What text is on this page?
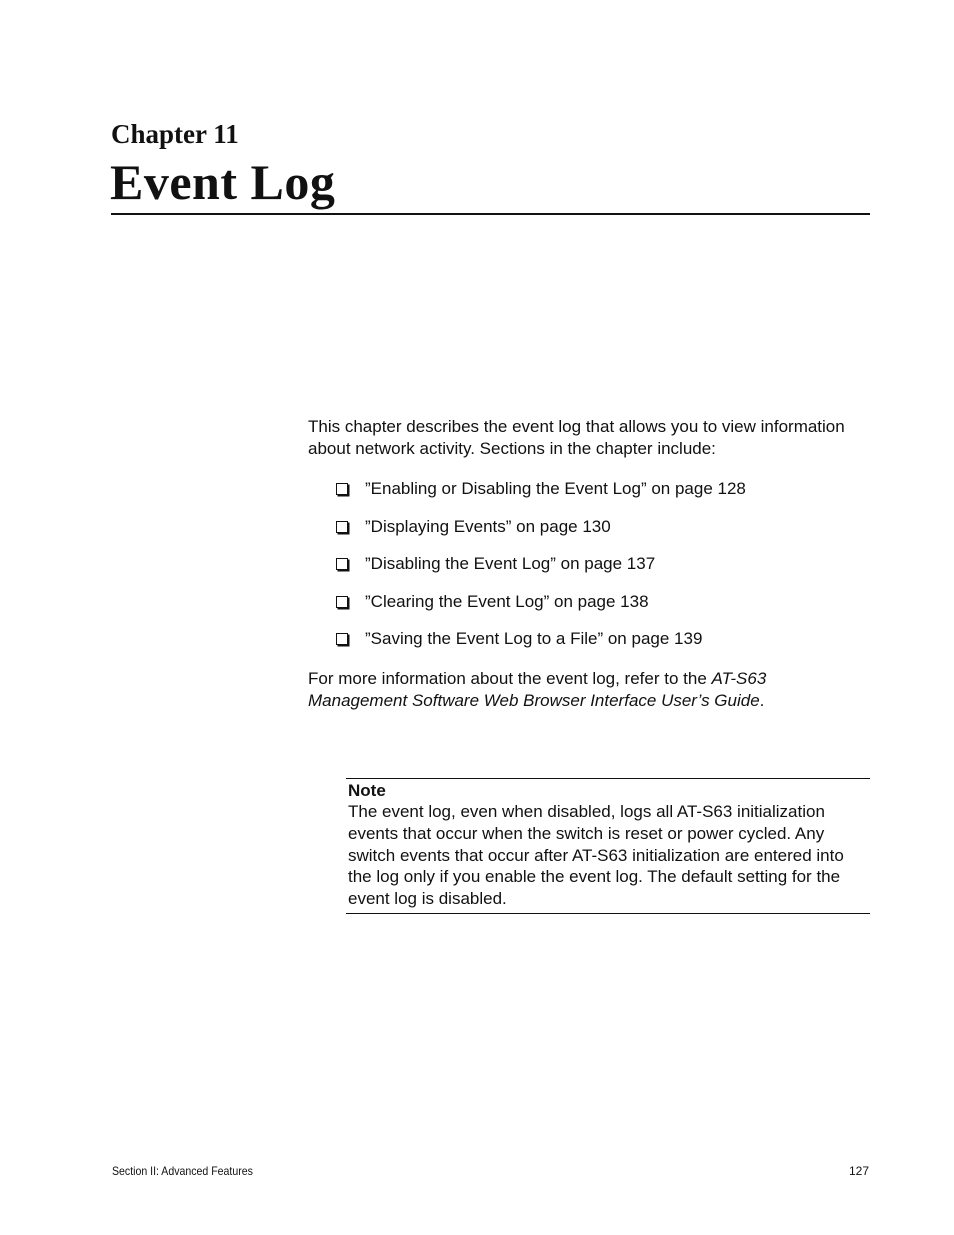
Chapter 11
Event Log

This chapter describes the event log that allows you to view information about network activity. Sections in the chapter include:

”Enabling or Disabling the Event Log” on page 128
”Displaying Events” on page 130
”Disabling the Event Log” on page 137
”Clearing the Event Log” on page 138
”Saving the Event Log to a File” on page 139

For more information about the event log, refer to the AT-S63 Management Software Web Browser Interface User’s Guide.

Note

The event log, even when disabled, logs all AT-S63 initialization events that occur when the switch is reset or power cycled. Any switch events that occur after AT-S63 initialization are entered into the log only if you enable the event log. The default setting for the event log is disabled.

Section II: Advanced Features	127
